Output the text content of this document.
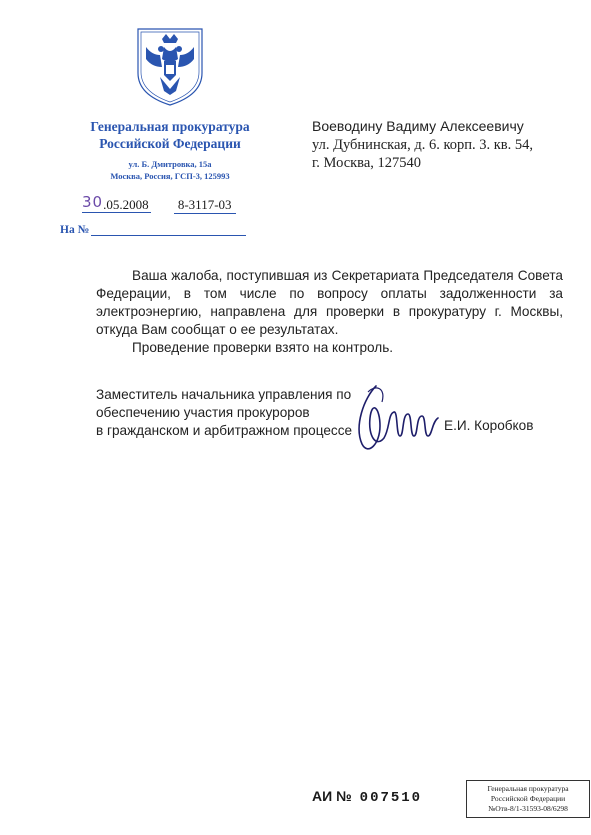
Генеральная прокуратура
Российской Федерации
ул. Б. Дмитровка, 15а
Москва, Россия, ГСП-3, 125993
30.05.2008 8-3117-03
На №
Воеводину Вадиму Алексеевичу
ул. Дубнинская, д. 6. корп. 3. кв. 54,
г. Москва, 127540

Ваша жалоба, поступившая из Секретариата Председателя Совета Федерации, в том числе по вопросу оплаты задолженности за электроэнергию, направлена для проверки в прокуратуру г. Москвы, откуда Вам сообщат о ее результатах.

Проведение проверки взято на контроль.

Заместитель начальника управления по
обеспечению участия прокуроров
в гражданском и арбитражном процессе	Е.И. Коробков
АИ № 007510
Генеральная прокуратура
Российской Федерации
№Отв-8/1-31593-08/6298
